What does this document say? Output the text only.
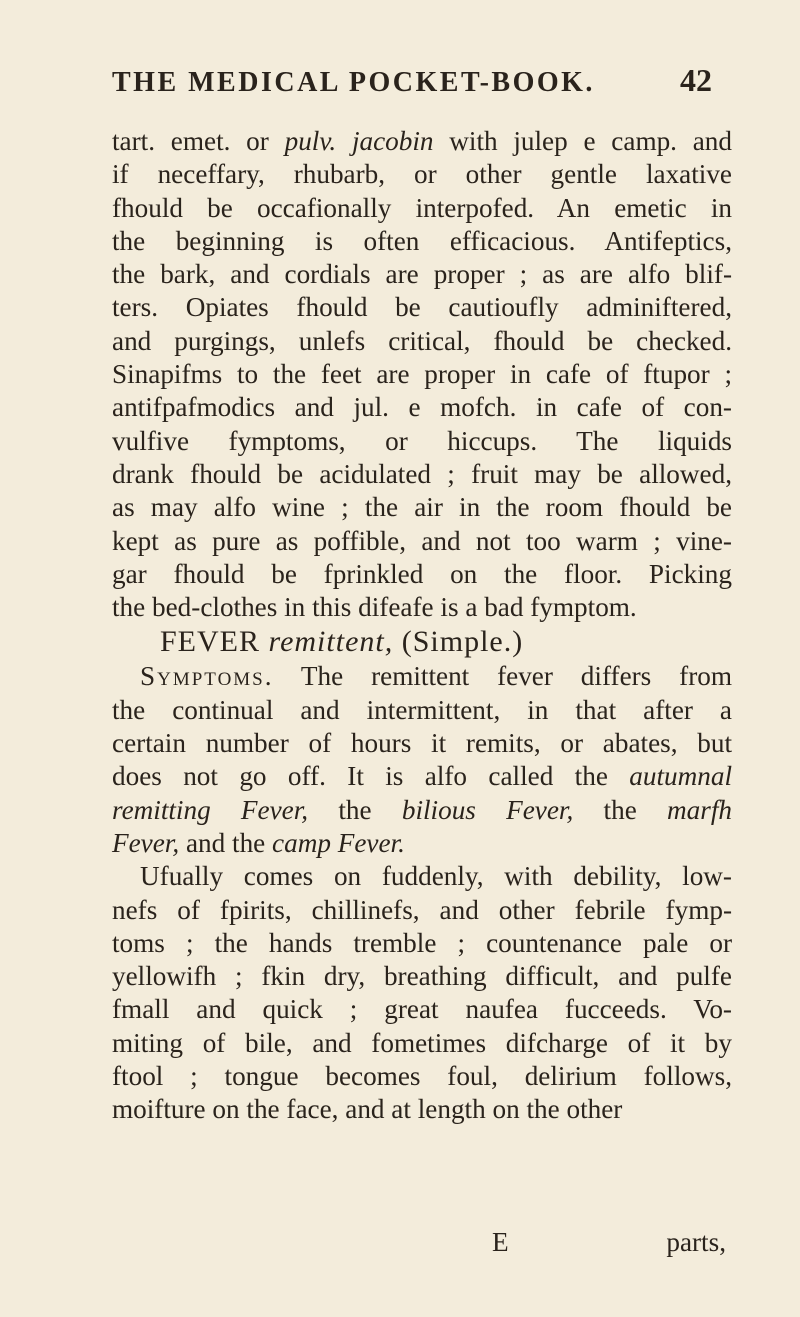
THE MEDICAL POCKET-BOOK.	42
tart. emet. or pulv. jacobin with julep e camp. and
if neceffary, rhubarb, or other gentle laxative
fhould be occafionally interpofed. An emetic in
the beginning is often efficacious. Antifeptics,
the bark, and cordials are proper ; as are alfo blif-
ters. Opiates fhould be cautioufly adminiftered,
and purgings, unlefs critical, fhould be checked.
Sinapifms to the feet are proper in cafe of ftupor ;
antifpafmodics and jul. e mofch. in cafe of con-
vulfive fymptoms, or hiccups. The liquids
drank fhould be acidulated ; fruit may be allowed,
as may alfo wine ; the air in the room fhould be
kept as pure as poffible, and not too warm ; vine-
gar fhould be fprinkled on the floor. Picking
the bed-clothes in this difeafe is a bad fymptom.
FEVER remittent, (Simple.)
Symptoms. The remittent fever differs from
the continual and intermittent, in that after a
certain number of hours it remits, or abates, but
does not go off. It is alfo called the autumnal
remitting Fever, the bilious Fever, the marfh
Fever, and the camp Fever.
Ufually comes on fuddenly, with debility, low-
nefs of fpirits, chillinefs, and other febrile fymp-
toms ; the hands tremble ; countenance pale or
yellowifh ; fkin dry, breathing difficult, and pulfe
fmall and quick ; great naufea fucceeds. Vo-
miting of bile, and fometimes difcharge of it by
ftool ; tongue becomes foul, delirium follows,
moifture on the face, and at length on the other
E	parts,
